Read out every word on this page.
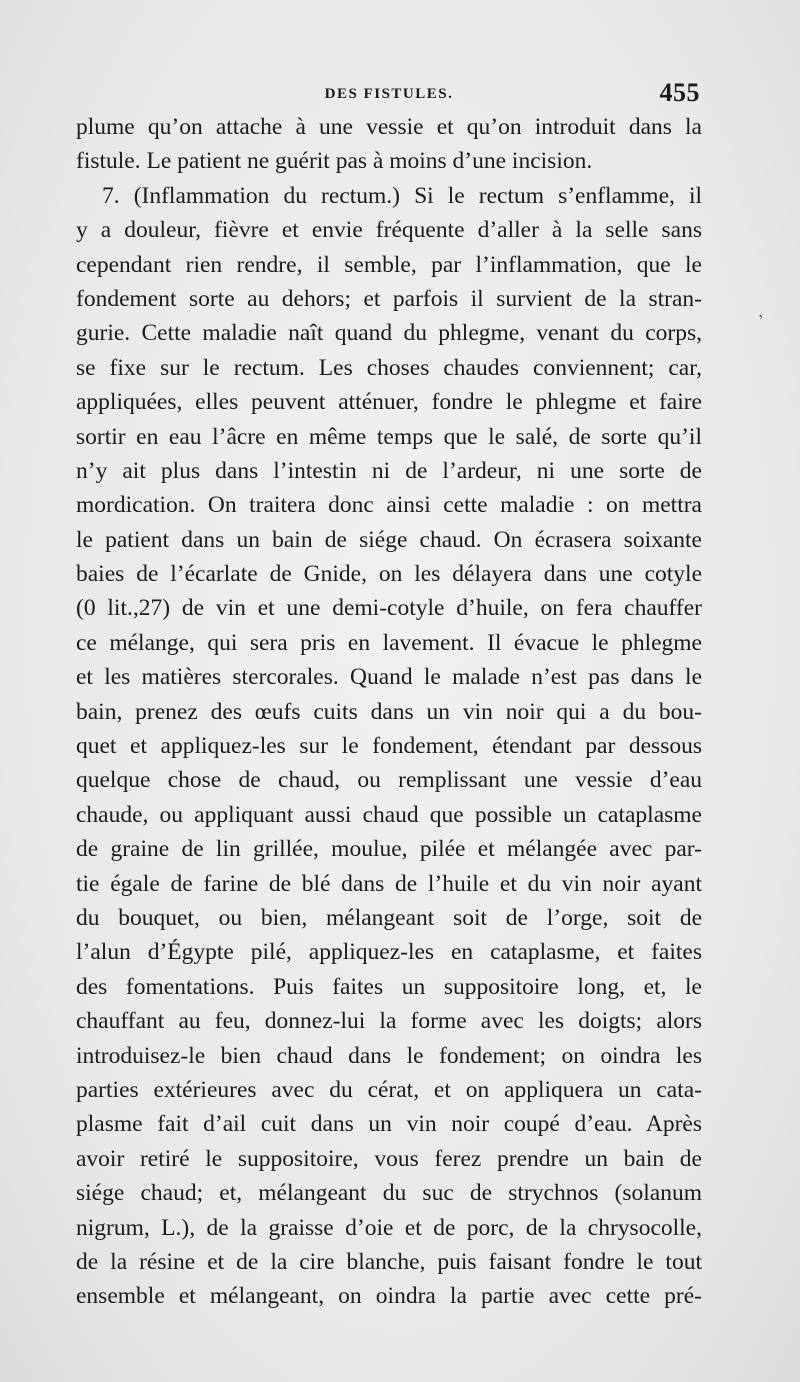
DES FISTULES.	455
ʼ
plume qu’on attache à une vessie et qu’on introduit dans la
fistule. Le patient ne guérit pas à moins d’une incision.
7. (Inflammation du rectum.) Si le rectum s’enflamme, il
y a douleur, fièvre et envie fréquente d’aller à la selle sans
cependant rien rendre, il semble, par l’inflammation, que le
fondement sorte au dehors; et parfois il survient de la stran-
gurie. Cette maladie naît quand du phlegme, venant du corps,
se fixe sur le rectum. Les choses chaudes conviennent; car,
appliquées, elles peuvent atténuer, fondre le phlegme et faire
sortir en eau l’âcre en même temps que le salé, de sorte qu’il
n’y ait plus dans l’intestin ni de l’ardeur, ni une sorte de
mordication. On traitera donc ainsi cette maladie : on mettra
le patient dans un bain de siége chaud. On écrasera soixante
baies de l’écarlate de Gnide, on les délayera dans une cotyle
(0 lit.,27) de vin et une demi-cotyle d’huile, on fera chauffer
ce mélange, qui sera pris en lavement. Il évacue le phlegme
et les matières stercorales. Quand le malade n’est pas dans le
bain, prenez des œufs cuits dans un vin noir qui a du bou-
quet et appliquez-les sur le fondement, étendant par dessous
quelque chose de chaud, ou remplissant une vessie d’eau
chaude, ou appliquant aussi chaud que possible un cataplasme
de graine de lin grillée, moulue, pilée et mélangée avec par-
tie égale de farine de blé dans de l’huile et du vin noir ayant
du bouquet, ou bien, mélangeant soit de l’orge, soit de
l’alun d’Égypte pilé, appliquez-les en cataplasme, et faites
des fomentations. Puis faites un suppositoire long, et, le
chauffant au feu, donnez-lui la forme avec les doigts; alors
introduisez-le bien chaud dans le fondement; on oindra les
parties extérieures avec du cérat, et on appliquera un cata-
plasme fait d’ail cuit dans un vin noir coupé d’eau. Après
avoir retiré le suppositoire, vous ferez prendre un bain de
siége chaud; et, mélangeant du suc de strychnos (solanum
nigrum, L.), de la graisse d’oie et de porc, de la chrysocolle,
de la résine et de la cire blanche, puis faisant fondre le tout
ensemble et mélangeant, on oindra la partie avec cette pré-
